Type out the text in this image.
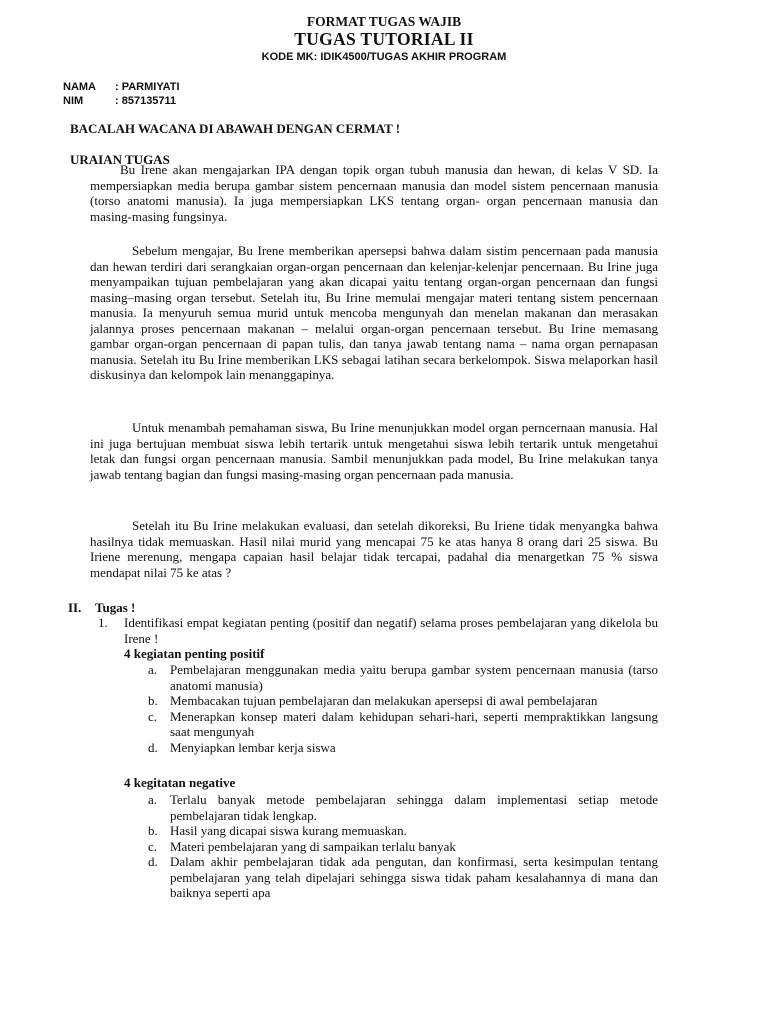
FORMAT TUGAS WAJIB
TUGAS TUTORIAL II
KODE MK: IDIK4500/TUGAS AKHIR PROGRAM
NAMA : PARMIYATI
NIM	: 857135711
BACALAH WACANA DI ABAWAH DENGAN CERMAT !
URAIAN TUGAS

Bu Irene akan mengajarkan IPA dengan topik organ tubuh manusia dan hewan, di kelas V SD. Ia mempersiapkan media berupa gambar sistem pencernaan manusia dan model sistem pencernaan manusia (torso anatomi manusia). Ia juga mempersiapkan LKS tentang organ- organ pencernaan manusia dan masing-masing fungsinya.

Sebelum mengajar, Bu Irene memberikan apersepsi bahwa dalam sistim pencernaan pada manusia dan hewan terdiri dari serangkaian organ-organ pencernaan dan kelenjar-kelenjar pencernaan. Bu Irine juga menyampaikan tujuan pembelajaran yang akan dicapai yaitu tentang organ-organ pencernaan dan fungsi masing–masing organ tersebut. Setelah itu, Bu Irine memulai mengajar materi tentang sistem pencernaan manusia. Ia menyuruh semua murid untuk mencoba mengunyah dan menelan makanan dan merasakan jalannya proses pencernaan makanan – melalui organ-organ pencernaan tersebut. Bu Irine memasang gambar organ-organ pencernaan di papan tulis, dan tanya jawab tentang nama – nama organ pernapasan manusia. Setelah itu Bu Irine memberikan LKS sebagai latihan secara berkelompok. Siswa melaporkan hasil diskusinya dan kelompok lain menanggapinya.

Untuk menambah pemahaman siswa, Bu Irine menunjukkan model organ perncernaan manusia. Hal ini juga bertujuan membuat siswa lebih tertarik untuk mengetahui siswa lebih tertarik untuk mengetahui letak dan fungsi organ pencernaan manusia. Sambil menunjukkan pada model, Bu Irine melakukan tanya jawab tentang bagian dan fungsi masing-masing organ pencernaan pada manusia.

Setelah itu Bu Irine melakukan evaluasi, dan setelah dikoreksi, Bu Iriene tidak menyangka bahwa hasilnya tidak memuaskan. Hasil nilai murid yang mencapai 75 ke atas hanya 8 orang dari 25 siswa. Bu Iriene merenung, mengapa capaian hasil belajar tidak tercapai, padahal dia menargetkan 75 % siswa mendapat nilai 75 ke atas ?

II. Tugas !
1. Identifikasi empat kegiatan penting (positif dan negatif) selama proses pembelajaran yang dikelola bu Irene !
4 kegiatan penting positif
a. Pembelajaran menggunakan media yaitu berupa gambar system pencernaan manusia (tarso anatomi manusia)
b. Membacakan tujuan pembelajaran dan melakukan apersepsi di awal pembelajaran
c. Menerapkan konsep materi dalam kehidupan sehari-hari, seperti mempraktikkan langsung saat mengunyah
d. Menyiapkan lembar kerja siswa
4 kegitatan negative
a. Terlalu banyak metode pembelajaran sehingga dalam implementasi setiap metode pembelajaran tidak lengkap.
b. Hasil yang dicapai siswa kurang memuaskan.
c. Materi pembelajaran yang di sampaikan terlalu banyak
d. Dalam akhir pembelajaran tidak ada pengutan, dan konfirmasi, serta kesimpulan tentang pembelajaran yang telah dipelajari sehingga siswa tidak paham kesalahannya di mana dan baiknya seperti apa
